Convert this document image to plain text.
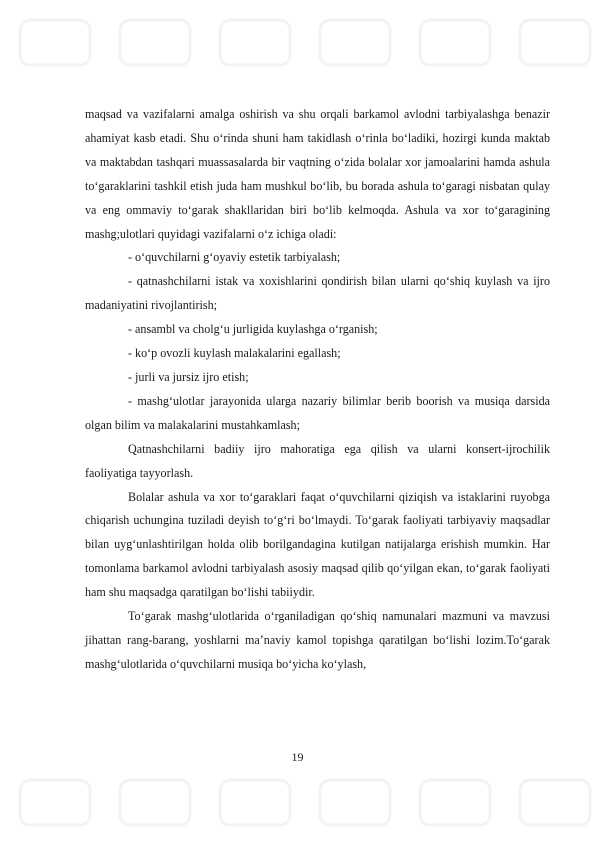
maqsad va vazifalarni amalga oshirish va shu orqali barkamol avlodni tarbiyalashga benazir ahamiyat kasb etadi. Shu o‘rinda shuni ham takidlash o‘rinla bo‘ladiki, hozirgi kunda maktab va maktabdan tashqari muassasalarda bir vaqtning o‘zida bolalar xor jamoalarini hamda ashula to‘garaklarini tashkil etish juda ham mushkul bo‘lib, bu borada ashula to‘garagi nisbatan qulay va eng ommaviy to‘garak shakllaridan biri bo‘lib kelmoqda. Ashula va xor to‘garagining mashg;ulotlari quyidagi vazifalarni o‘z ichiga oladi:

- o‘quvchilarni g‘oyaviy estetik tarbiyalash;

- qatnashchilarni istak va xoxishlarini qondirish bilan ularni qo‘shiq kuylash va ijro madaniyatini rivojlantirish;

- ansambl va cholg‘u jurligida kuylashga o‘rganish;

- ko‘p ovozli kuylash malakalarini egallash;

- jurli va jursiz ijro etish;

- mashg‘ulotlar jarayonida ularga nazariy bilimlar berib boorish va musiqa darsida olgan bilim va malakalarini mustahkamlash;

Qatnashchilarni badiiy ijro mahoratiga ega qilish va ularni konsert-ijrochilik faoliyatiga tayyorlash.

Bolalar ashula va xor to‘garaklari faqat o‘quvchilarni qiziqish va istaklarini ruyobga chiqarish uchungina tuziladi deyish to‘g‘ri bo‘lmaydi. To‘garak faoliyati tarbiyaviy maqsadlar bilan uyg‘unlashtirilgan holda olib borilgandagina kutilgan natijalarga erishish mumkin. Har tomonlama barkamol avlodni tarbiyalash asosiy maqsad qilib qo‘yilgan ekan, to‘garak faoliyati ham shu maqsadga qaratilgan bo‘lishi tabiiydir.

To‘garak mashg‘ulotlarida o‘rganiladigan qo‘shiq namunalari mazmuni va mavzusi jihattan rang-barang, yoshlarni ma’naviy kamol topishga qaratilgan bo‘lishi lozim.To‘garak mashg‘ulotlarida o‘quvchilarni musiqa bo‘yicha ko‘ylash,

19
